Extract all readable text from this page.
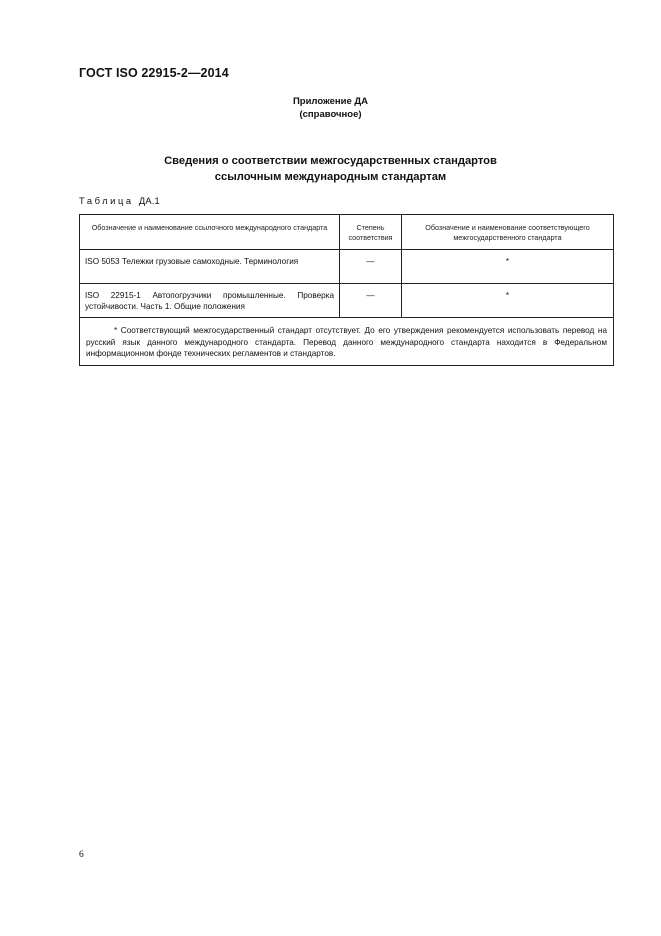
ГОСТ ISO 22915-2—2014
Приложение ДА
(справочное)
Сведения о соответствии межгосударственных стандартов
ссылочным международным стандартам
Таблица ДА.1
Обозначение и наименование ссылочного международного стандарта	Степень соответствия	Обозначение и наименование соответствующего межгосударственного стандарта
ISO 5053 Тележки грузовые самоходные. Терминология	—	*
ISO 22915-1 Автопогрузчики промышленные. Проверка устойчивости. Часть 1. Общие положения	—	*

* Соответствующий межгосударственный стандарт отсутствует. До его утверждения рекомендуется использовать перевод на русский язык данного международного стандарта. Перевод данного международного стандарта находится в Федеральном информационном фонде технических регламентов и стандартов.		
6
